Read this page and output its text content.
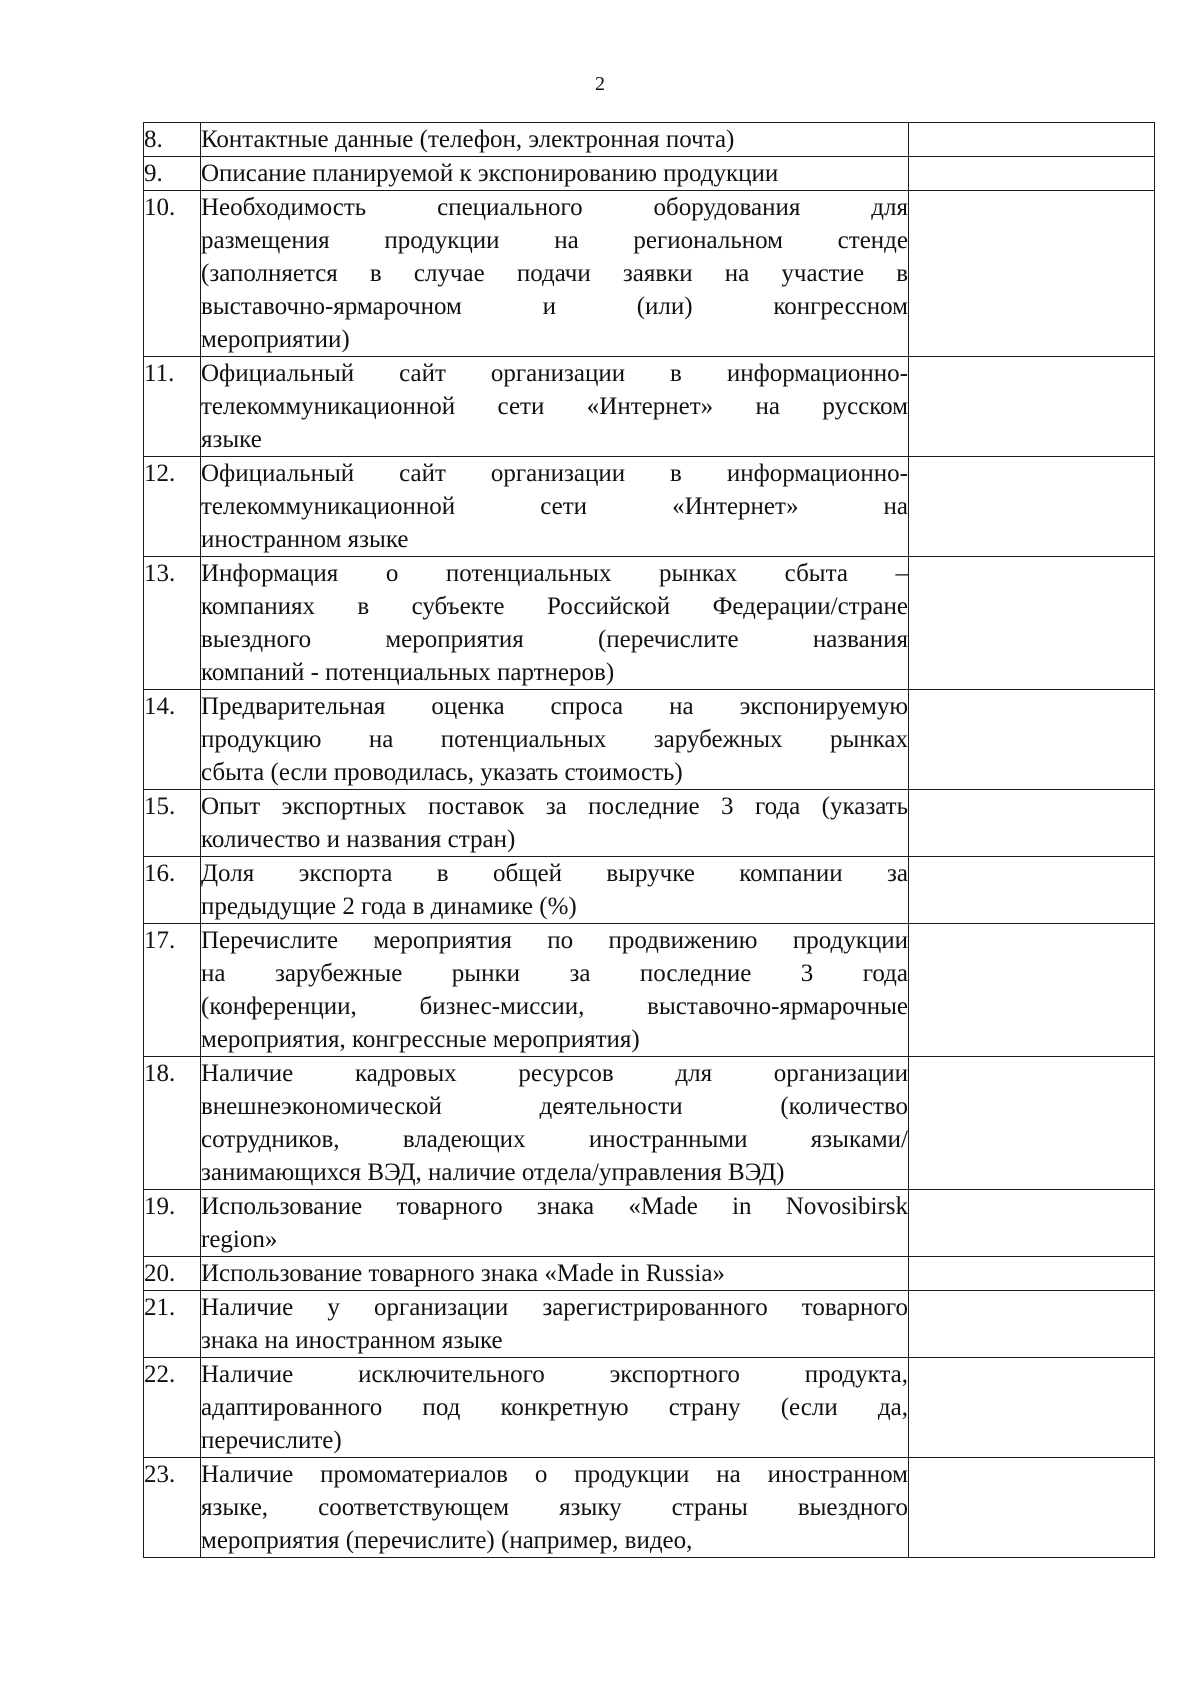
2
8.	Контактные данные (телефон, электронная почта)	

9.	Описание планируемой к экспонированию продукции	

10.	Необходимость специального оборудования для
размещения продукции на региональном стенде
(заполняется в случае подачи заявки на участие в
выставочно-ярмарочном и (или) конгрессном
мероприятии)	

11.	Официальный сайт организации в информационно-
телекоммуникационной сети «Интернет» на русском
языке	

12.	Официальный сайт организации в информационно-
телекоммуникационной сети «Интернет» на
иностранном языке	

13.	Информация о потенциальных рынках сбыта –
компаниях в субъекте Российской Федерации/стране
выездного мероприятия (перечислите названия
компаний - потенциальных партнеров)	

14.	Предварительная оценка спроса на экспонируемую
продукцию на потенциальных зарубежных рынках
сбыта (если проводилась, указать стоимость)	

15.	Опыт экспортных поставок за последние 3 года (указать
количество и названия стран)	

16.	Доля экспорта в общей выручке компании за
предыдущие 2 года в динамике (%)	

17.	Перечислите мероприятия по продвижению продукции
на зарубежные рынки за последние 3 года
(конференции, бизнес-миссии, выставочно-ярмарочные
мероприятия, конгрессные мероприятия)	

18.	Наличие кадровых ресурсов для организации
внешнеэкономической деятельности (количество
сотрудников, владеющих иностранными языками/
занимающихся ВЭД, наличие отдела/управления ВЭД)	

19.	Использование товарного знака «Made in Novosibirsk
region»	

20.	Использование товарного знака «Made in Russia»	

21.	Наличие у организации зарегистрированного товарного
знака на иностранном языке	

22.	Наличие исключительного экспортного продукта,
адаптированного под конкретную страну (если да,
перечислите)	

23.	Наличие промоматериалов о продукции на иностранном
языке, соответствующем языку страны выездного
мероприятия (перечислите) (например, видео,	
